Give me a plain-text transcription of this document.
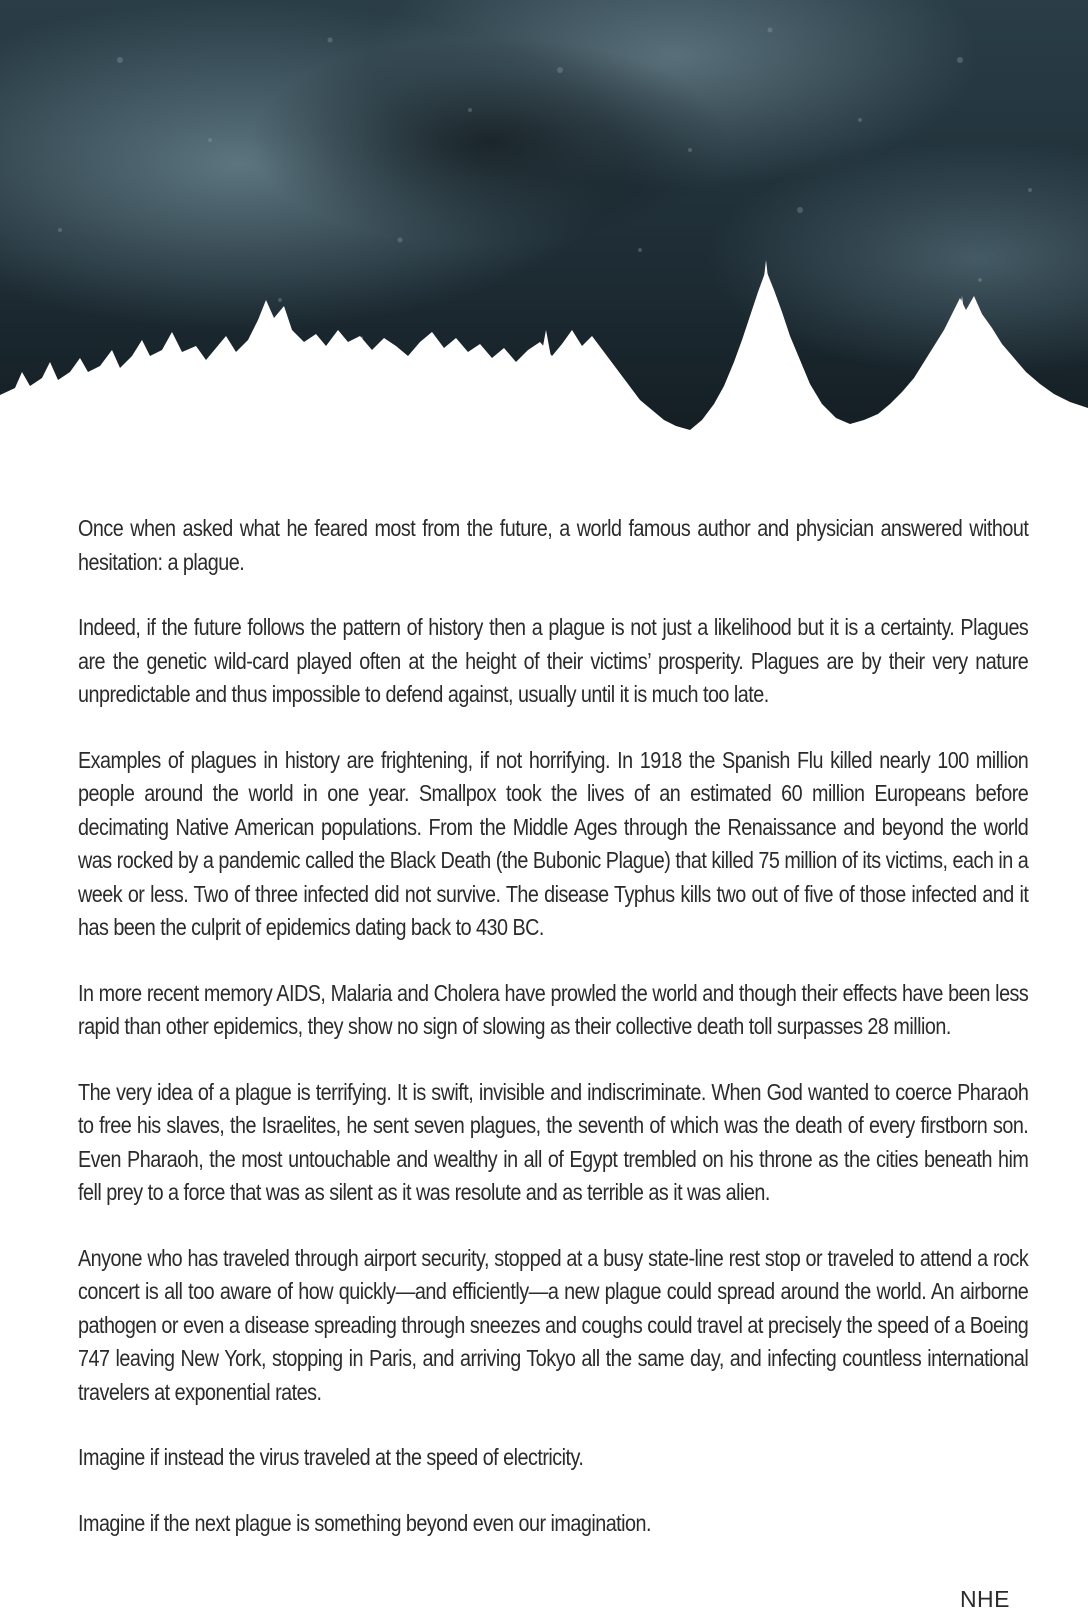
Once when asked what he feared most from the future, a world famous author and physician answered without hesitation: a plague.

Indeed, if the future follows the pattern of history then a plague is not just a likelihood but it is a certainty. Plagues are the genetic wild-card played often at the height of their victims’ prosperity. Plagues are by their very nature unpredictable and thus impossible to defend against, usually until it is much too late.

Examples of plagues in history are frightening, if not horrifying. In 1918 the Spanish Flu killed nearly 100 million people around the world in one year. Smallpox took the lives of an estimated 60 million Europeans before decimating Native American populations. From the Middle Ages through the Renaissance and beyond the world was rocked by a pandemic called the Black Death (the Bubonic Plague) that killed 75 million of its victims, each in a week or less. Two of three infected did not survive. The disease Typhus kills two out of five of those infected and it has been the culprit of epidemics dating back to 430 BC.

In more recent memory AIDS, Malaria and Cholera have prowled the world and though their effects have been less rapid than other epidemics, they show no sign of slowing as their collective death toll surpasses 28 million.

The very idea of a plague is terrifying. It is swift, invisible and indiscriminate. When God wanted to coerce Pharaoh to free his slaves, the Israelites, he sent seven plagues, the seventh of which was the death of every firstborn son. Even Pharaoh, the most untouchable and wealthy in all of Egypt trembled on his throne as the cities beneath him fell prey to a force that was as silent as it was resolute and as terrible as it was alien.

Anyone who has traveled through airport security, stopped at a busy state-line rest stop or traveled to attend a rock concert is all too aware of how quickly—and efficiently—a new plague could spread around the world. An airborne pathogen or even a disease spreading through sneezes and coughs could travel at precisely the speed of a Boeing 747 leaving New York, stopping in Paris, and arriving Tokyo all the same day, and infecting countless international travelers at exponential rates.

Imagine if instead the virus traveled at the speed of electricity.

Imagine if the next plague is something beyond even our imagination.

NHE
